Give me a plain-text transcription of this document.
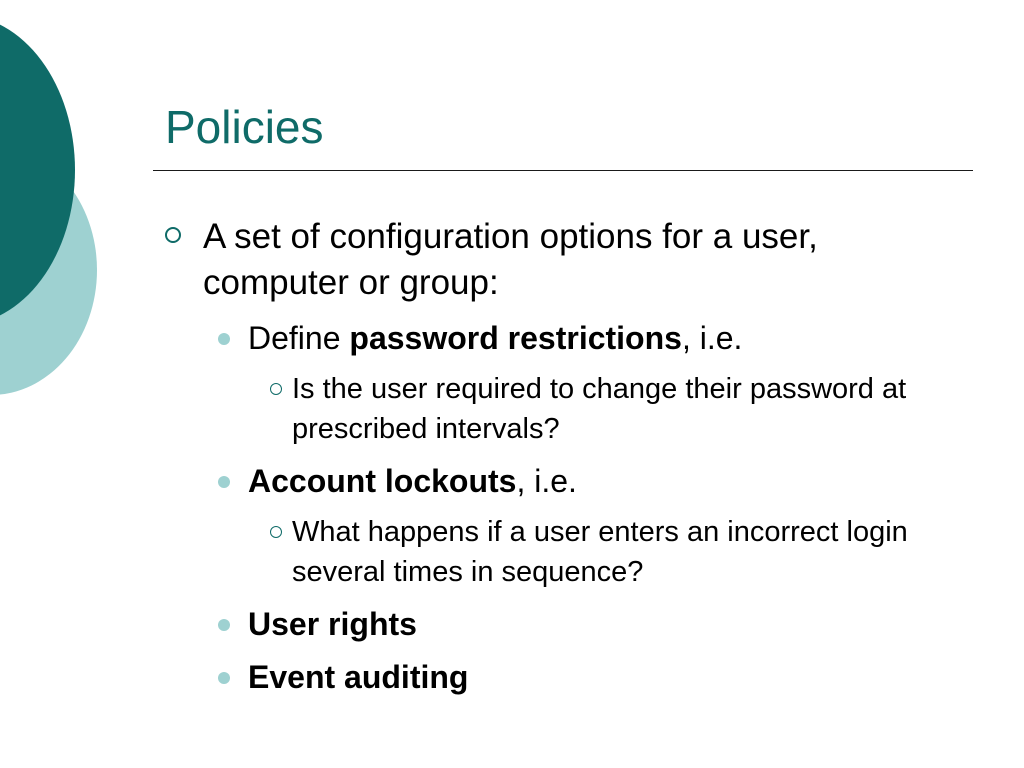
Policies
A set of configuration options for a user, computer or group:
Define password restrictions, i.e.
Is the user required to change their password at prescribed intervals?
Account lockouts, i.e.
What happens if a user enters an incorrect login several times in sequence?
User rights
Event auditing
